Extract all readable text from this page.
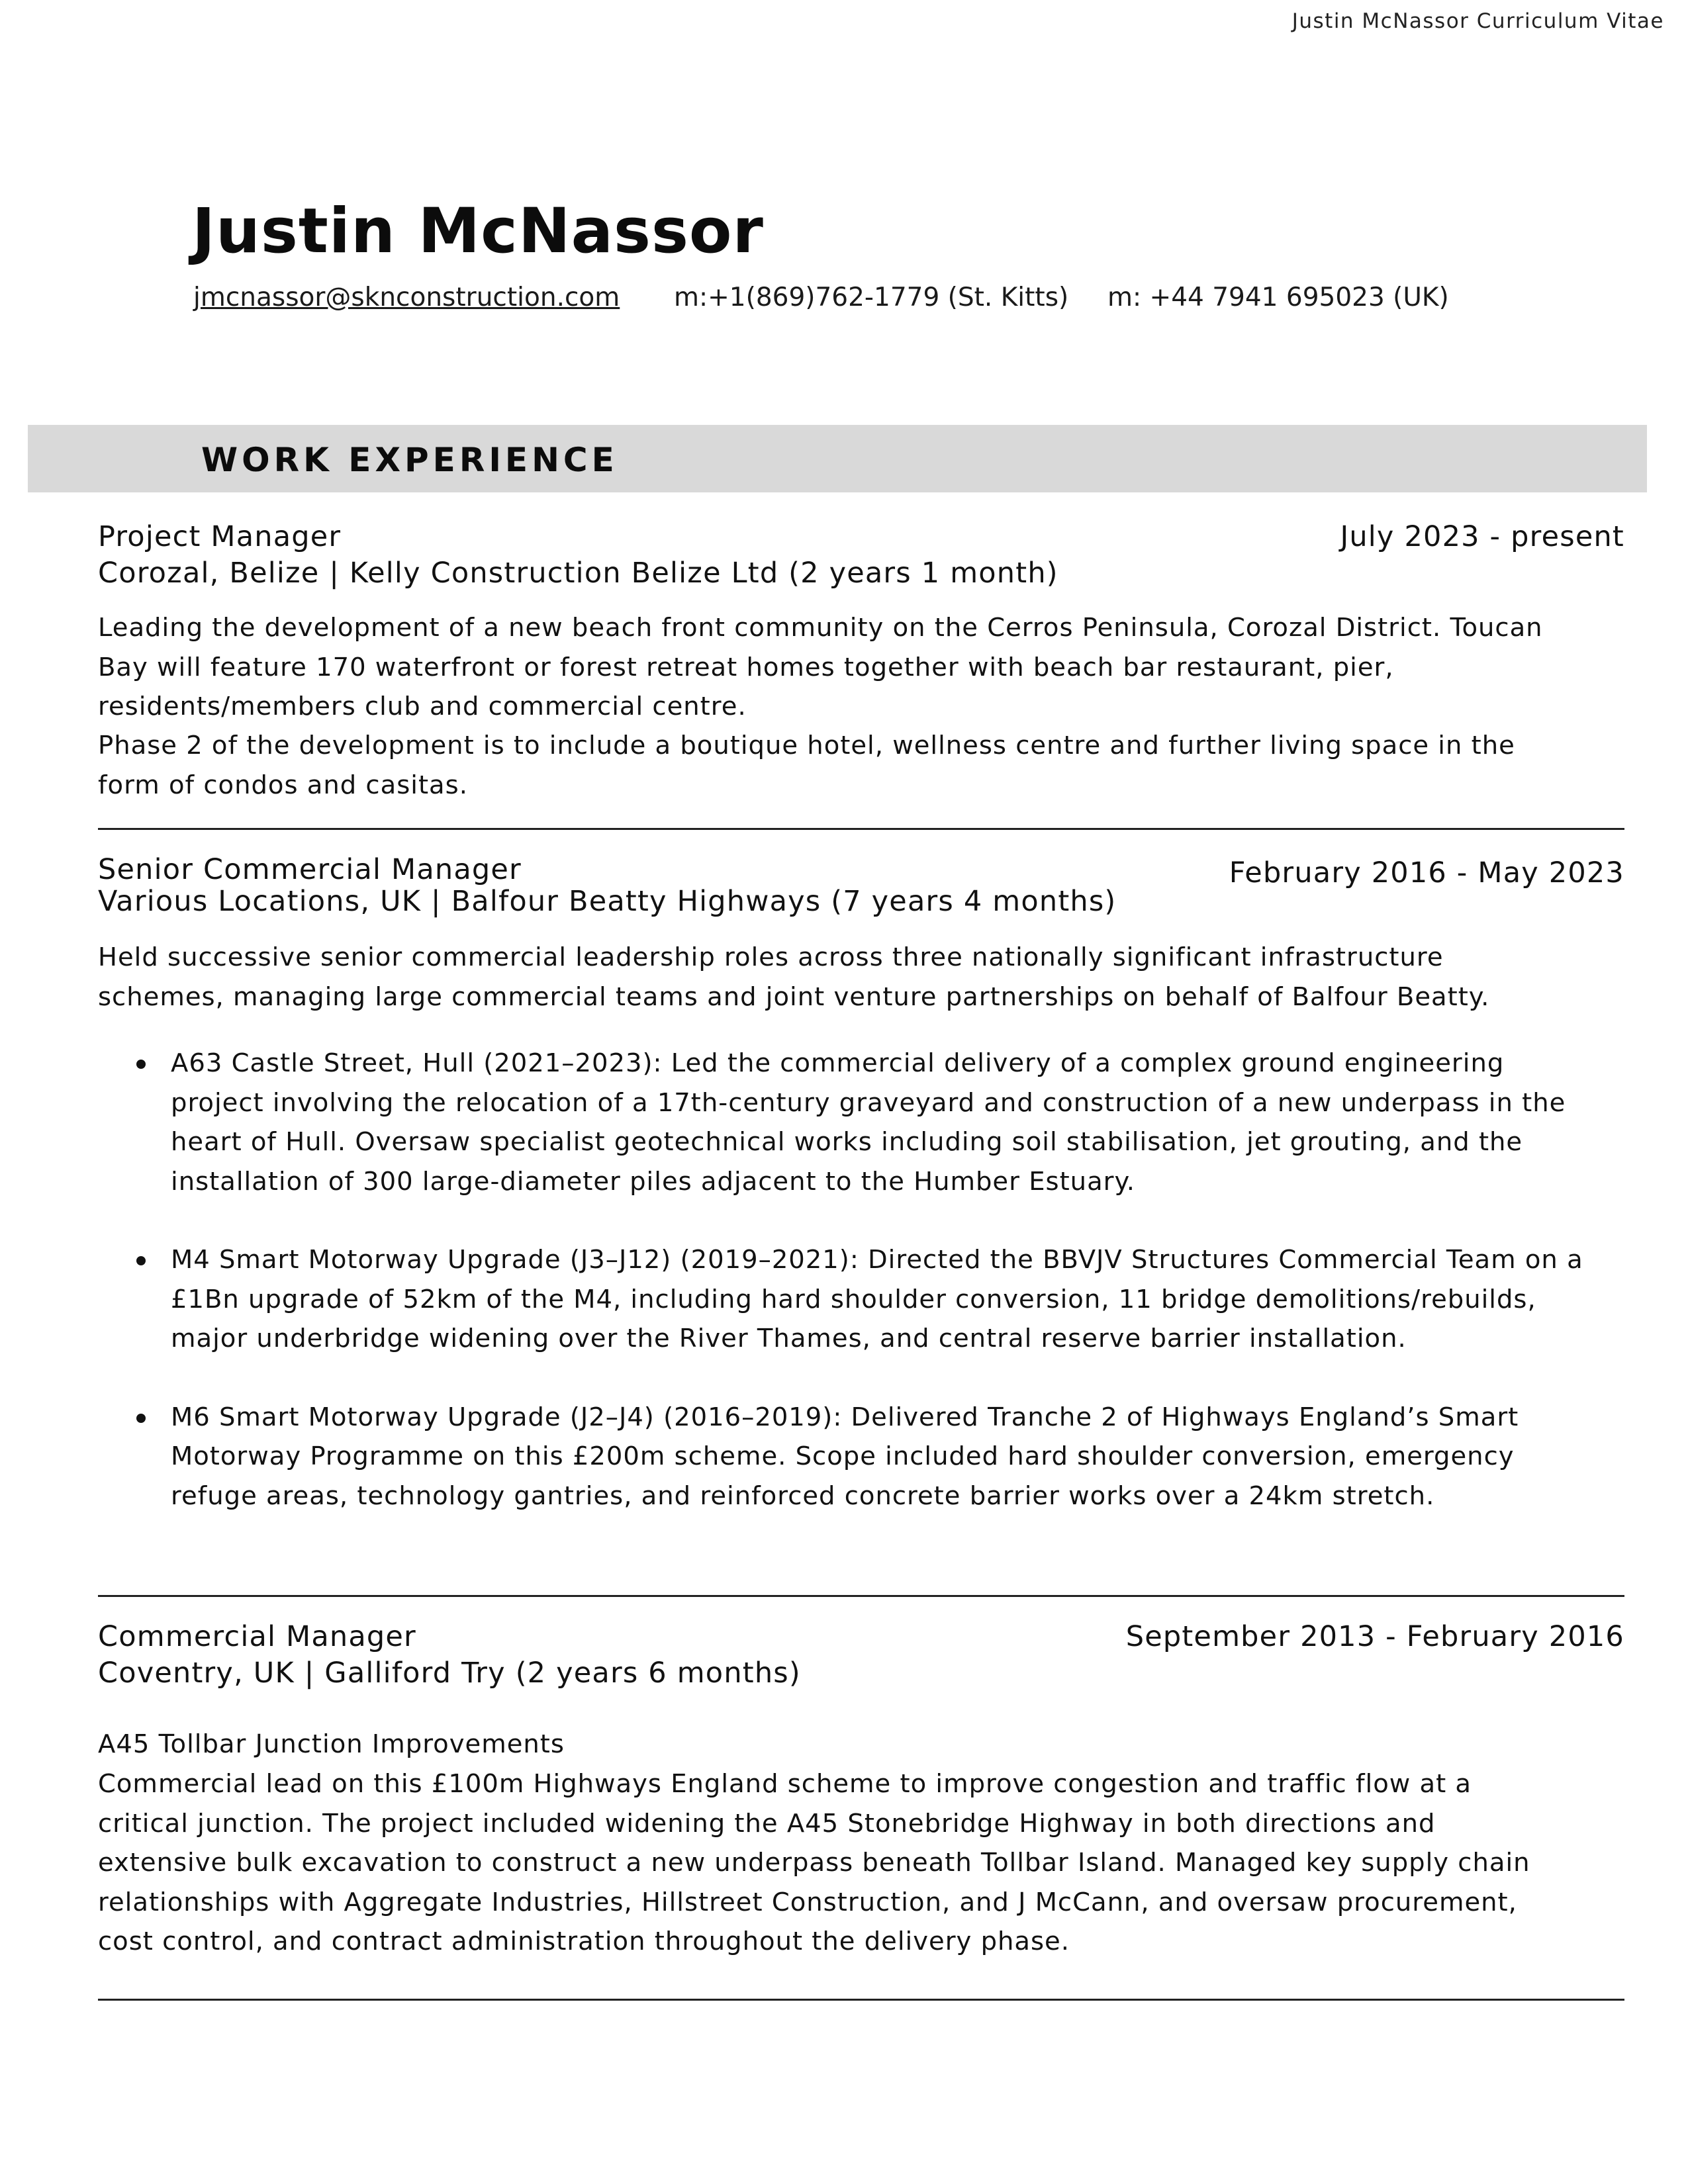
Justin McNassor Curriculum Vitae
Justin McNassor
jmcnassor@sknconstruction.com m:+1(869)762-1779 (St. Kitts) m: +44 7941 695023 (UK)
WORK EXPERIENCE
Project Manager	July 2023 - present
Corozal, Belize | Kelly Construction Belize Ltd (2 years 1 month)

Leading the development of a new beach front community on the Cerros Peninsula, Corozal District. Toucan Bay will feature 170 waterfront or forest retreat homes together with beach bar restaurant, pier, residents/members club and commercial centre.

Phase 2 of the development is to include a boutique hotel, wellness centre and further living space in the form of condos and casitas.

Senior Commercial Manager	February 2016 - May 2023
Various Locations, UK | Balfour Beatty Highways (7 years 4 months)

Held successive senior commercial leadership roles across three nationally significant infrastructure schemes, managing large commercial teams and joint venture partnerships on behalf of Balfour Beatty.

A63 Castle Street, Hull (2021–2023): Led the commercial delivery of a complex ground engineering project involving the relocation of a 17th-century graveyard and construction of a new underpass in the heart of Hull. Oversaw specialist geotechnical works including soil stabilisation, jet grouting, and the installation of 300 large-diameter piles adjacent to the Humber Estuary.
M4 Smart Motorway Upgrade (J3–J12) (2019–2021): Directed the BBVJV Structures Commercial Team on a £1Bn upgrade of 52km of the M4, including hard shoulder conversion, 11 bridge demolitions/rebuilds, major underbridge widening over the River Thames, and central reserve barrier installation.
M6 Smart Motorway Upgrade (J2–J4) (2016–2019): Delivered Tranche 2 of Highways England’s Smart Motorway Programme on this £200m scheme. Scope included hard shoulder conversion, emergency refuge areas, technology gantries, and reinforced concrete barrier works over a 24km stretch.
Commercial Manager	September 2013 - February 2016
Coventry, UK | Galliford Try (2 years 6 months)

A45 Tollbar Junction Improvements

Commercial lead on this £100m Highways England scheme to improve congestion and traffic flow at a critical junction. The project included widening the A45 Stonebridge Highway in both directions and extensive bulk excavation to construct a new underpass beneath Tollbar Island. Managed key supply chain relationships with Aggregate Industries, Hillstreet Construction, and J McCann, and oversaw procurement, cost control, and contract administration throughout the delivery phase.
